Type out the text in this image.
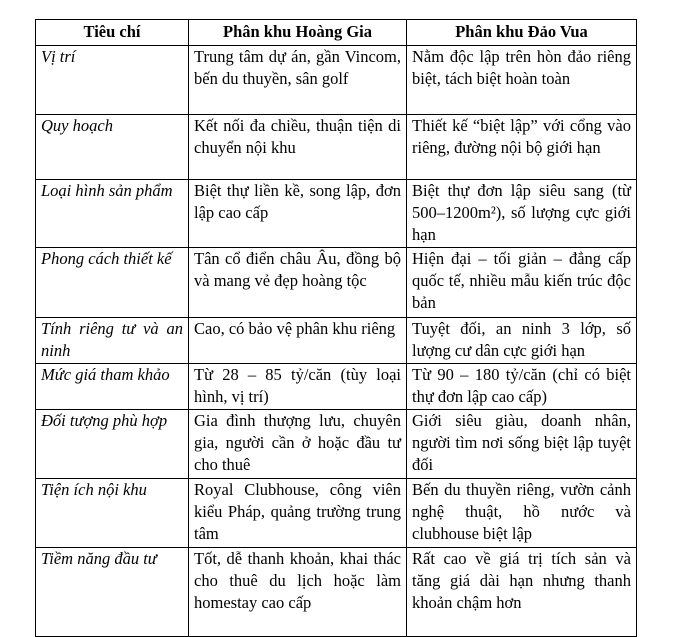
Tiêu chí	Phân khu Hoàng Gia	Phân khu Đảo Vua
Vị trí	Trung tâm dự án, gần Vincom, bến du thuyền, sân golf	Nằm độc lập trên hòn đảo riêng biệt, tách biệt hoàn toàn
Quy hoạch	Kết nối đa chiều, thuận tiện di chuyển nội khu	Thiết kế “biệt lập” với cổng vào riêng, đường nội bộ giới hạn
Loại hình sản phẩm	Biệt thự liền kề, song lập, đơn lập cao cấp	Biệt thự đơn lập siêu sang (từ 500–1200m²), số lượng cực giới hạn
Phong cách thiết kế	Tân cổ điển châu Âu, đồng bộ và mang vẻ đẹp hoàng tộc	Hiện đại – tối giản – đẳng cấp quốc tế, nhiều mẫu kiến trúc độc bản
Tính riêng tư và an ninh	Cao, có bảo vệ phân khu riêng	Tuyệt đối, an ninh 3 lớp, số lượng cư dân cực giới hạn
Mức giá tham khảo	Từ 28 – 85 tỷ/căn (tùy loại hình, vị trí)	Từ 90 – 180 tỷ/căn (chỉ có biệt thự đơn lập cao cấp)
Đối tượng phù hợp	Gia đình thượng lưu, chuyên gia, người cần ở hoặc đầu tư cho thuê	Giới siêu giàu, doanh nhân, người tìm nơi sống biệt lập tuyệt đối
Tiện ích nội khu	Royal Clubhouse, công viên kiểu Pháp, quảng trường trung tâm	Bến du thuyền riêng, vườn cảnh nghệ thuật, hồ nước và clubhouse biệt lập
Tiềm năng đầu tư	Tốt, dễ thanh khoản, khai thác cho thuê du lịch hoặc làm homestay cao cấp	Rất cao về giá trị tích sản và tăng giá dài hạn nhưng thanh khoản chậm hơn
